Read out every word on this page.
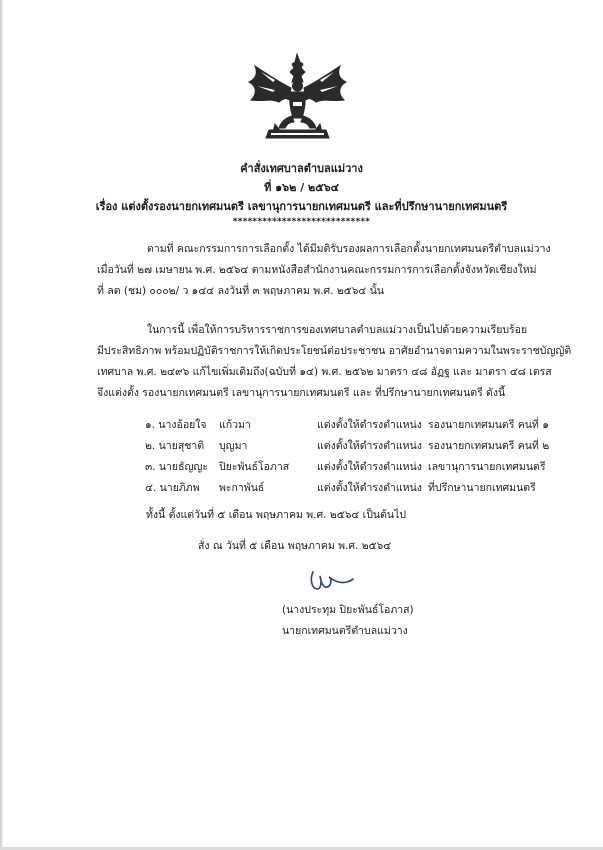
คำสั่งเทศบาลตำบลแม่วาง
ที่ ๑๖๒ / ๒๕๖๔
เรื่อง แต่งตั้งรองนายกเทศมนตรี เลขานุการนายกเทศมนตรี และที่ปรึกษานายกเทศมนตรี
****************************
ตามที่ คณะกรรมการการเลือกตั้ง ได้มีมติรับรองผลการเลือกตั้งนายกเทศมนตรีตำบลแม่วาง
เมื่อวันที่ ๒๗ เมษายน พ.ศ. ๒๕๖๔ ตามหนังสือสำนักงานคณะกรรมการการเลือกตั้งจังหวัดเชียงใหม่
ที่ ลต (ชม) ๐๐๐๒/ ว ๑๔๔ ลงวันที่ ๓ พฤษภาคม พ.ศ. ๒๕๖๔ นั้น
ในการนี้ เพื่อให้การบริหารราชการของเทศบาลตำบลแม่วางเป็นไปด้วยความเรียบร้อย
มีประสิทธิภาพ พร้อมปฏิบัติราชการให้เกิดประโยชน์ต่อประชาชน อาศัยอำนาจตามความในพระราชบัญญัติ
เทศบาล พ.ศ. ๒๔๙๖ แก้ไขเพิ่มเติมถึง(ฉบับที่ ๑๔) พ.ศ. ๒๕๖๒ มาตรา ๔๘ อัฏฐ และ มาตรา ๔๘ เตรส
จึงแต่งตั้ง รองนายกเทศมนตรี เลขานุการนายกเทศมนตรี และ ที่ปรึกษานายกเทศมนตรี ดังนี้
๑. นางอ้อยใจ แก้วมา	แต่งตั้งให้ดำรงตำแหน่ง รองนายกเทศมนตรี คนที่ ๑
๒. นายสุชาติ บุญมา	แต่งตั้งให้ดำรงตำแหน่ง รองนายกเทศมนตรี คนที่ ๒
๓. นายธัญญะ ปิยะพันธ์โอภาส	แต่งตั้งให้ดำรงตำแหน่ง เลขานุการนายกเทศมนตรี
๔. นายภิภพ พะกาพันธ์	แต่งตั้งให้ดำรงตำแหน่ง ที่ปรึกษานายกเทศมนตรี
ทั้งนี้ ตั้งแต่วันที่ ๕ เดือน พฤษภาคม พ.ศ. ๒๕๖๔ เป็นต้นไป
สั่ง ณ วันที่ ๕ เดือน พฤษภาคม พ.ศ. ๒๕๖๔
(นางประทุม ปิยะพันธ์โอภาส)
นายกเทศมนตรีตำบลแม่วาง
